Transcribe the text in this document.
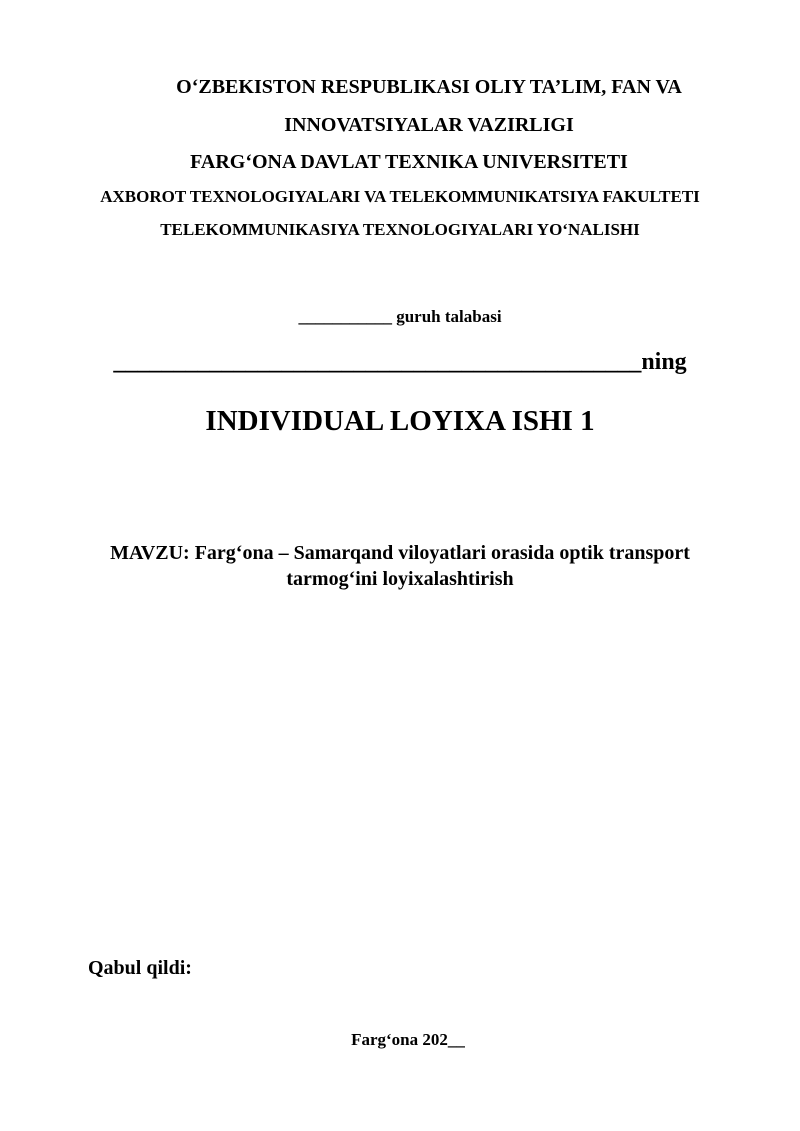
O‘ZBEKISTON RESPUBLIKASI OLIY TA’LIM, FAN VA

INNOVATSIYALAR VAZIRLIGI

FARG‘ONA DAVLAT TEXNIKA UNIVERSITETI

AXBOROT TEXNOLOGIYALARI VA TELEKOMMUNIKATSIYA FAKULTETI

TELEKOMMUNIKASIYA TEXNOLOGIYALARI YO‘NALISHI

___________ guruh talabasi

____________________________________________ning

INDIVIDUAL LOYIXA ISHI 1

MAVZU: Farg‘ona – Samarqand viloyatlari orasida optik transport

tarmog‘ini loyixalashtirish

Qabul qildi:

Farg‘ona 202__
